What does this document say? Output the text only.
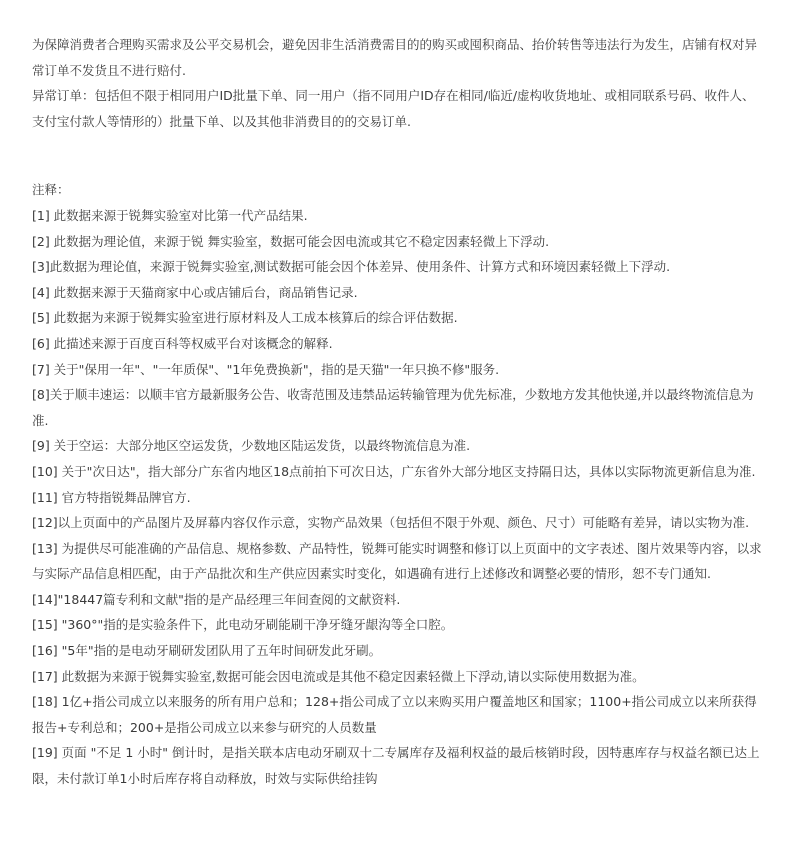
为保障消费者合理购买需求及公平交易机会，避免因非生活消费需目的的购买或囤积商品、抬价转售等违法行为发生，店铺有权对异常订单不发货且不进行赔付.

异常订单：包括但不限于相同用户ID批量下单、同一用户（指不同用户ID存在相同/临近/虚构收货地址、或相同联系号码、收件人、支付宝付款人等情形的）批量下单、以及其他非消费目的的交易订单.

注释：

[1] 此数据来源于锐舞实验室对比第一代产品结果.

[2] 此数据为理论值，来源于锐 舞实验室，数据可能会因电流或其它不稳定因素轻微上下浮动.

[3]此数据为理论值，来源于锐舞实验室,测试数据可能会因个体差异、使用条件、计算方式和环境因素轻微上下浮动.

[4] 此数据来源于天猫商家中心或店铺后台，商品销售记录.

[5] 此数据为来源于锐舞实验室进行原材料及人工成本核算后的综合评估数据.

[6] 此描述来源于百度百科等权威平台对该概念的解释.

[7] 关于"保用一年"、"一年质保"、"1年免费换新"，指的是天猫"一年只换不修"服务.

[8]关于顺丰速运：以顺丰官方最新服务公告、收寄范围及违禁品运转输管理为优先标准，少数地方发其他快递,并以最终物流信息为准.

[9] 关于空运：大部分地区空运发货，少数地区陆运发货，以最终物流信息为准.

[10] 关于"次日达"，指大部分广东省内地区18点前拍下可次日达，广东省外大部分地区支持隔日达，具体以实际物流更新信息为准.

[11] 官方特指锐舞品牌官方.

[12]以上页面中的产品图片及屏幕内容仅作示意，实物产品效果（包括但不限于外观、颜色、尺寸）可能略有差异，请以实物为准.

[13] 为提供尽可能准确的产品信息、规格参数、产品特性，锐舞可能实时调整和修订以上页面中的文字表述、图片效果等内容，以求与实际产品信息相匹配，由于产品批次和生产供应因素实时变化，如遇确有进行上述修改和调整必要的情形，恕不专门通知.

[14]"18447篇专利和文献"指的是产品经理三年间查阅的文献资料.

[15] "360°"指的是实验条件下，此电动牙刷能刷干净牙缝牙龈沟等全口腔。

[16] "5年"指的是电动牙刷研发团队用了五年时间研发此牙刷。

[17] 此数据为来源于锐舞实验室,数据可能会因电流或是其他不稳定因素轻微上下浮动,请以实际使用数据为准。

[18] 1亿+指公司成立以来服务的所有用户总和；128+指公司成了立以来购买用户覆盖地区和国家；1100+指公司成立以来所获得报告+专利总和；200+是指公司成立以来参与研究的人员数量

[19] 页面 "不足 1 小时" 倒计时，是指关联本店电动牙刷双十二专属库存及福利权益的最后核销时段，因特惠库存与权益名额已达上限，未付款订单1小时后库存将自动释放，时效与实际供给挂钩
